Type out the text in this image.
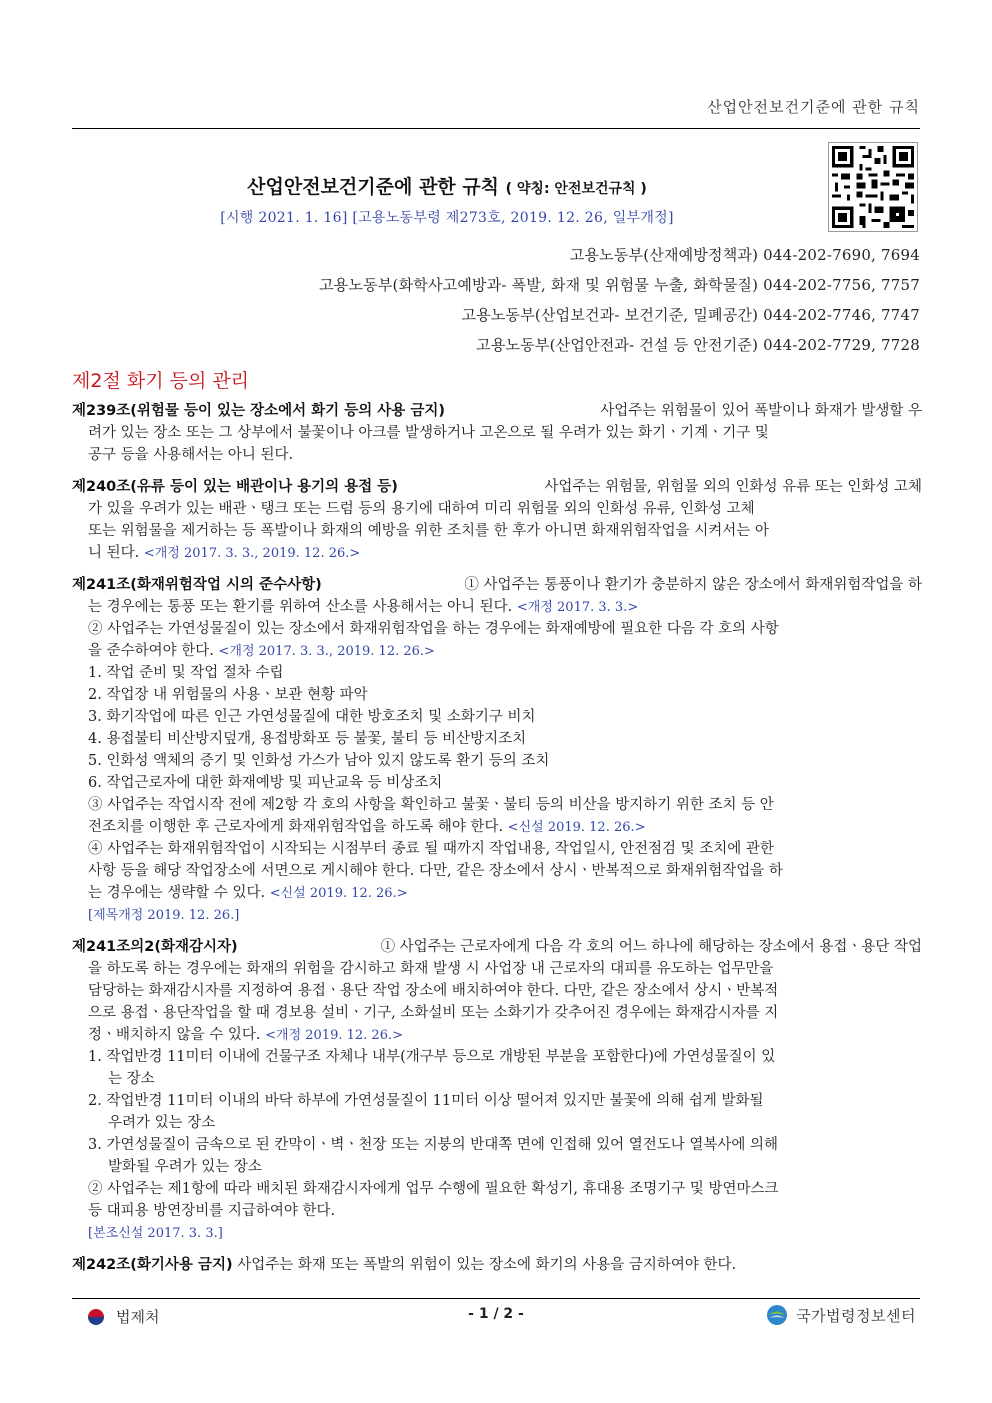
산업안전보건기준에 관한 규칙
산업안전보건기준에 관한 규칙 ( 약칭: 안전보건규칙 )
[시행 2021. 1. 16] [고용노동부령 제273호, 2019. 12. 26, 일부개정]
고용노동부(산재예방정책과) 044-202-7690, 7694
고용노동부(화학사고예방과- 폭발, 화재 및 위험물 누출, 화학물질) 044-202-7756, 7757
고용노동부(산업보건과- 보건기준, 밀폐공간) 044-202-7746, 7747
고용노동부(산업안전과- 건설 등 안전기준) 044-202-7729, 7728
제2절 화기 등의 관리
제239조(위험물 등이 있는 장소에서 화기 등의 사용 금지)	사업주는 위험물이 있어 폭발이나 화재가 발생할 우
려가 있는 장소 또는 그 상부에서 불꽃이나 아크를 발생하거나 고온으로 될 우려가 있는 화기ㆍ기계ㆍ기구 및
공구 등을 사용해서는 아니 된다.
제240조(유류 등이 있는 배관이나 용기의 용접 등)	사업주는 위험물, 위험물 외의 인화성 유류 또는 인화성 고체
가 있을 우려가 있는 배관ㆍ탱크 또는 드럼 등의 용기에 대하여 미리 위험물 외의 인화성 유류, 인화성 고체
또는 위험물을 제거하는 등 폭발이나 화재의 예방을 위한 조치를 한 후가 아니면 화재위험작업을 시켜서는 아
니 된다. <개정 2017. 3. 3., 2019. 12. 26.>
제241조(화재위험작업 시의 준수사항)	① 사업주는 통풍이나 환기가 충분하지 않은 장소에서 화재위험작업을 하
는 경우에는 통풍 또는 환기를 위하여 산소를 사용해서는 아니 된다. <개정 2017. 3. 3.>
② 사업주는 가연성물질이 있는 장소에서 화재위험작업을 하는 경우에는 화재예방에 필요한 다음 각 호의 사항
을 준수하여야 한다. <개정 2017. 3. 3., 2019. 12. 26.>
1. 작업 준비 및 작업 절차 수립
2. 작업장 내 위험물의 사용ㆍ보관 현황 파악
3. 화기작업에 따른 인근 가연성물질에 대한 방호조치 및 소화기구 비치
4. 용접불티 비산방지덮개, 용접방화포 등 불꽃, 불티 등 비산방지조치
5. 인화성 액체의 증기 및 인화성 가스가 남아 있지 않도록 환기 등의 조치
6. 작업근로자에 대한 화재예방 및 피난교육 등 비상조치
③ 사업주는 작업시작 전에 제2항 각 호의 사항을 확인하고 불꽃ㆍ불티 등의 비산을 방지하기 위한 조치 등 안
전조치를 이행한 후 근로자에게 화재위험작업을 하도록 해야 한다. <신설 2019. 12. 26.>
④ 사업주는 화재위험작업이 시작되는 시점부터 종료 될 때까지 작업내용, 작업일시, 안전점검 및 조치에 관한
사항 등을 해당 작업장소에 서면으로 게시해야 한다. 다만, 같은 장소에서 상시ㆍ반복적으로 화재위험작업을 하
는 경우에는 생략할 수 있다. <신설 2019. 12. 26.>
[제목개정 2019. 12. 26.]
제241조의2(화재감시자)	① 사업주는 근로자에게 다음 각 호의 어느 하나에 해당하는 장소에서 용접ㆍ용단 작업
을 하도록 하는 경우에는 화재의 위험을 감시하고 화재 발생 시 사업장 내 근로자의 대피를 유도하는 업무만을
담당하는 화재감시자를 지정하여 용접ㆍ용단 작업 장소에 배치하여야 한다. 다만, 같은 장소에서 상시ㆍ반복적
으로 용접ㆍ용단작업을 할 때 경보용 설비ㆍ기구, 소화설비 또는 소화기가 갖추어진 경우에는 화재감시자를 지
정ㆍ배치하지 않을 수 있다. <개정 2019. 12. 26.>
1. 작업반경 11미터 이내에 건물구조 자체나 내부(개구부 등으로 개방된 부분을 포함한다)에 가연성물질이 있
는 장소
2. 작업반경 11미터 이내의 바닥 하부에 가연성물질이 11미터 이상 떨어져 있지만 불꽃에 의해 쉽게 발화될
우려가 있는 장소
3. 가연성물질이 금속으로 된 칸막이ㆍ벽ㆍ천장 또는 지붕의 반대쪽 면에 인접해 있어 열전도나 열복사에 의해
발화될 우려가 있는 장소
② 사업주는 제1항에 따라 배치된 화재감시자에게 업무 수행에 필요한 확성기, 휴대용 조명기구 및 방연마스크
등 대피용 방연장비를 지급하여야 한다.
[본조신설 2017. 3. 3.]
제242조(화기사용 금지) 사업주는 화재 또는 폭발의 위험이 있는 장소에 화기의 사용을 금지하여야 한다.
법제처	- 1 / 2 -	국가법령정보센터
